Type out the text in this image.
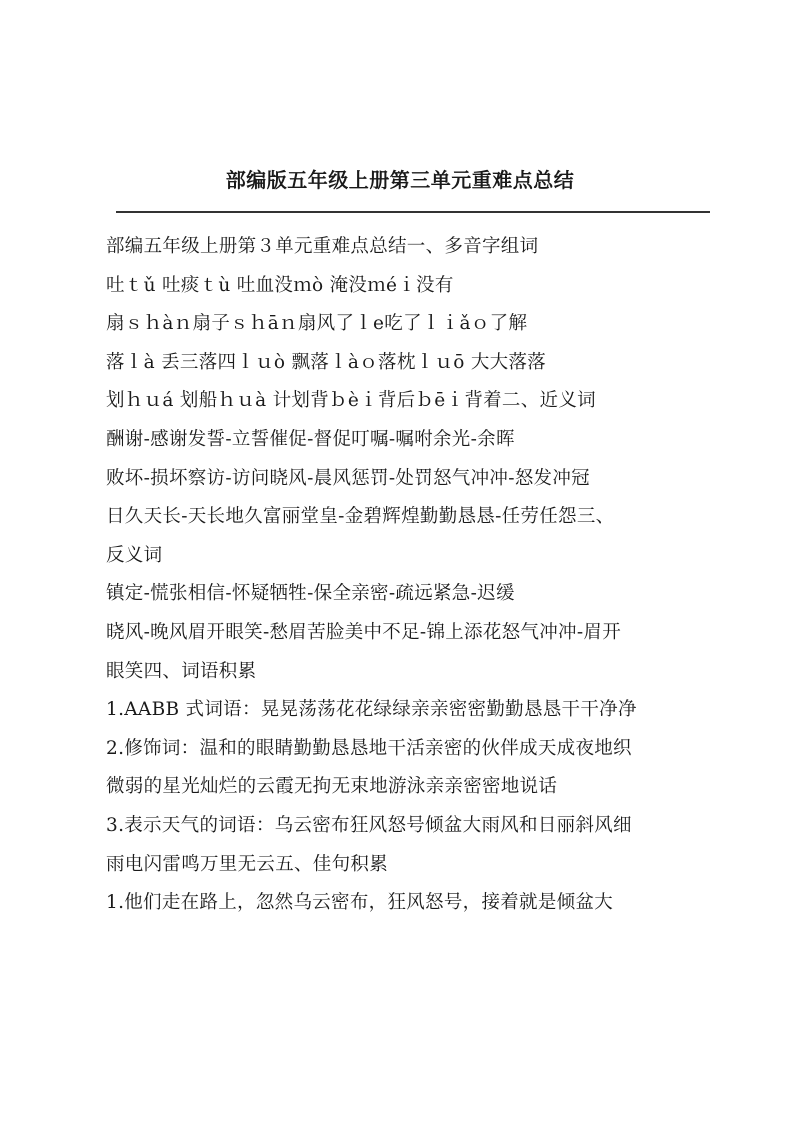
部编版五年级上册第三单元重难点总结
部编五年级上册第３单元重难点总结一、多音字组词
吐ｔǔ 吐痰ｔù 吐血没ｍò 淹没ｍéｉ没有
扇ｓｈàｎ扇子ｓｈāｎ扇风了ｌe吃了ｌｉǎｏ了解
落ｌà 丢三落四ｌｕò 飘落ｌàｏ落枕ｌｕō 大大落落
划ｈｕá 划船ｈｕà 计划背ｂèｉ背后ｂēｉ背着二、近义词
酬谢-感谢发誓-立誓催促-督促叮嘱-嘱咐余光-余晖
败坏-损坏察访-访问晓风-晨风惩罚-处罚怒气冲冲-怒发冲冠
日久天长-天长地久富丽堂皇-金碧辉煌勤勤恳恳-任劳任怨三、
反义词
镇定-慌张相信-怀疑牺牲-保全亲密-疏远紧急-迟缓
晓风-晚风眉开眼笑-愁眉苦脸美中不足-锦上添花怒气冲冲-眉开
眼笑四、词语积累
1.AABB 式词语：晃晃荡荡花花绿绿亲亲密密勤勤恳恳干干净净
2.修饰词：温和的眼睛勤勤恳恳地干活亲密的伙伴成天成夜地织
微弱的星光灿烂的云霞无拘无束地游泳亲亲密密地说话
3.表示天气的词语：乌云密布狂风怒号倾盆大雨风和日丽斜风细
雨电闪雷鸣万里无云五、佳句积累
1.他们走在路上，忽然乌云密布，狂风怒号，接着就是倾盆大
